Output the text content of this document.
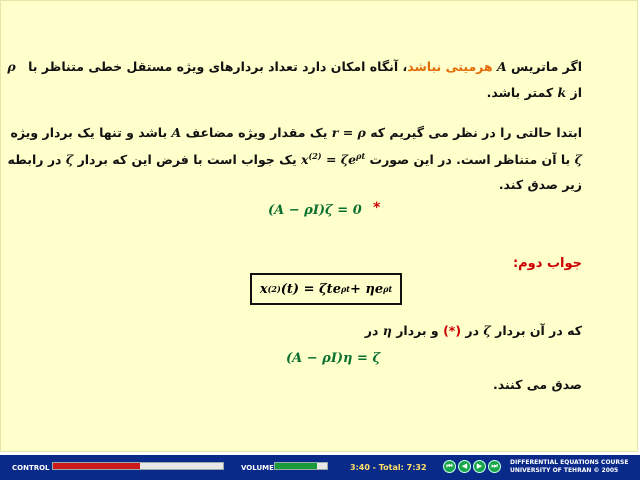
اگر ماتریس A هرمیتی نباشد، آنگاه امکان دارد تعداد بردارهای ویژه مستقل خطی متناظر با ρ
از k کمتر باشد.
ابتدا حالتی را در نظر می گیریم که r = ρ یک مقدار ویژه مضاعف A باشد و تنها یک بردار ویژه
ζ با آن متناظر است. در این صورت $x^{(2)} = \zeta e^{\rho t}$ یک جواب است با فرض این که بردار ζ در رابطه
زیر صدق کند.
(A − ρI)ζ = 0 *
جواب دوم:
x (2) (t) = ζte ρt + ηe ρt
که در آن بردار ζ در (*) و بردار η در
(A − ρI)η = ζ
صدق می کنند.
CONTROL	VOLUME	3:40 - Total: 7:32	⏮	◀	▶	⏭	DIFFERENTIAL EQUATIONS COURSE
UNIVERSITY OF TEHRAN © 2005
